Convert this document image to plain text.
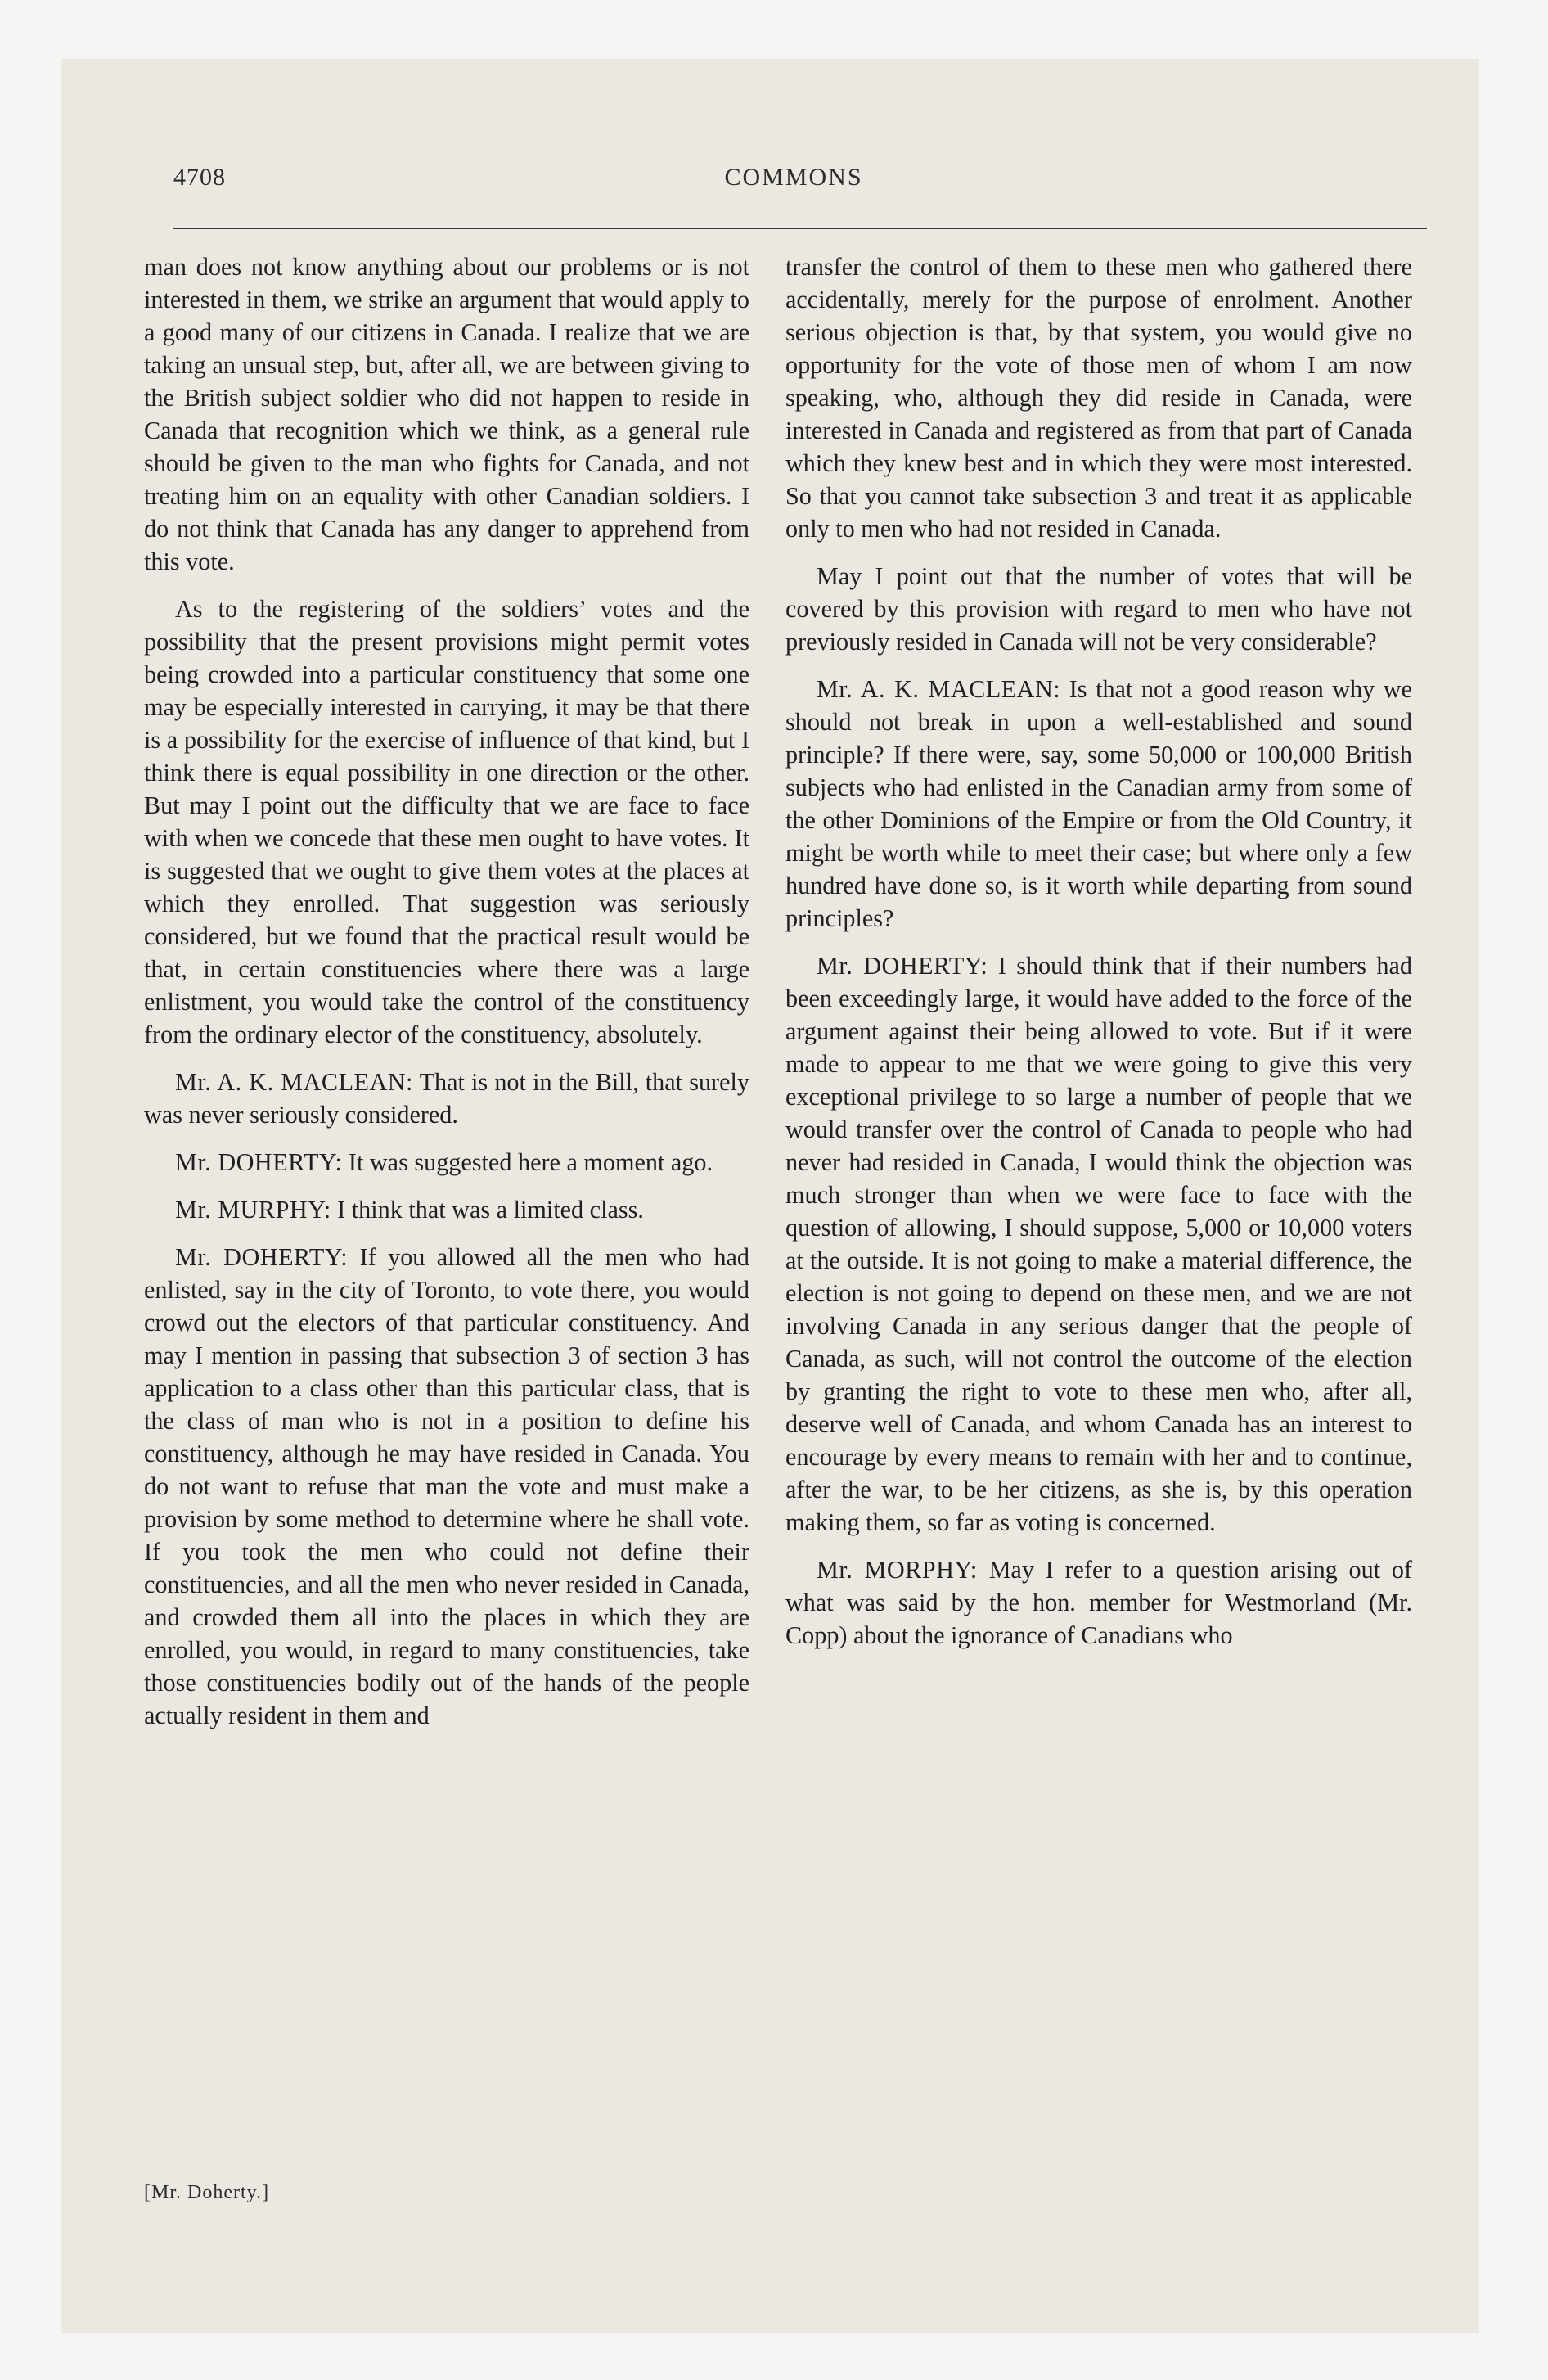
4708	COMMONS

man does not know anything about our problems or is not interested in them, we strike an argument that would apply to a good many of our citizens in Canada. I realize that we are taking an unsual step, but, after all, we are between giving to the British subject soldier who did not happen to reside in Canada that recognition which we think, as a general rule should be given to the man who fights for Canada, and not treating him on an equality with other Canadian soldiers. I do not think that Canada has any danger to apprehend from this vote.

As to the registering of the soldiers’ votes and the possibility that the present provisions might permit votes being crowded into a particular constituency that some one may be especially interested in carrying, it may be that there is a possibility for the exercise of influence of that kind, but I think there is equal possibility in one direction or the other. But may I point out the difficulty that we are face to face with when we concede that these men ought to have votes. It is suggested that we ought to give them votes at the places at which they enrolled. That suggestion was seriously considered, but we found that the practical result would be that, in certain constituencies where there was a large enlistment, you would take the control of the constituency from the ordinary elector of the constituency, absolutely.

Mr. A. K. MACLEAN: That is not in the Bill, that surely was never seriously considered.

Mr. DOHERTY: It was suggested here a moment ago.

Mr. MURPHY: I think that was a limited class.

Mr. DOHERTY: If you allowed all the men who had enlisted, say in the city of Toronto, to vote there, you would crowd out the electors of that particular constituency. And may I mention in passing that subsection 3 of section 3 has application to a class other than this particular class, that is the class of man who is not in a position to define his constituency, although he may have resided in Canada. You do not want to refuse that man the vote and must make a provision by some method to determine where he shall vote. If you took the men who could not define their constituencies, and all the men who never resided in Canada, and crowded them all into the places in which they are enrolled, you would, in regard to many constituencies, take those constituencies bodily out of the hands of the people actually resident in them and

transfer the control of them to these men who gathered there accidentally, merely for the purpose of enrolment. Another serious objection is that, by that system, you would give no opportunity for the vote of those men of whom I am now speaking, who, although they did reside in Canada, were interested in Canada and registered as from that part of Canada which they knew best and in which they were most interested. So that you cannot take subsection 3 and treat it as applicable only to men who had not resided in Canada.

May I point out that the number of votes that will be covered by this provision with regard to men who have not previously resided in Canada will not be very considerable?

Mr. A. K. MACLEAN: Is that not a good reason why we should not break in upon a well-established and sound principle? If there were, say, some 50,000 or 100,000 British subjects who had enlisted in the Canadian army from some of the other Dominions of the Empire or from the Old Country, it might be worth while to meet their case; but where only a few hundred have done so, is it worth while departing from sound principles?

Mr. DOHERTY: I should think that if their numbers had been exceedingly large, it would have added to the force of the argument against their being allowed to vote. But if it were made to appear to me that we were going to give this very exceptional privilege to so large a number of people that we would transfer over the control of Canada to people who had never had resided in Canada, I would think the objection was much stronger than when we were face to face with the question of allowing, I should suppose, 5,000 or 10,000 voters at the outside. It is not going to make a material difference, the election is not going to depend on these men, and we are not involving Canada in any serious danger that the people of Canada, as such, will not control the outcome of the election by granting the right to vote to these men who, after all, deserve well of Canada, and whom Canada has an interest to encourage by every means to remain with her and to continue, after the war, to be her citizens, as she is, by this operation making them, so far as voting is concerned.

Mr. MORPHY: May I refer to a question arising out of what was said by the hon. member for Westmorland (Mr. Copp) about the ignorance of Canadians who

[Mr. Doherty.]
